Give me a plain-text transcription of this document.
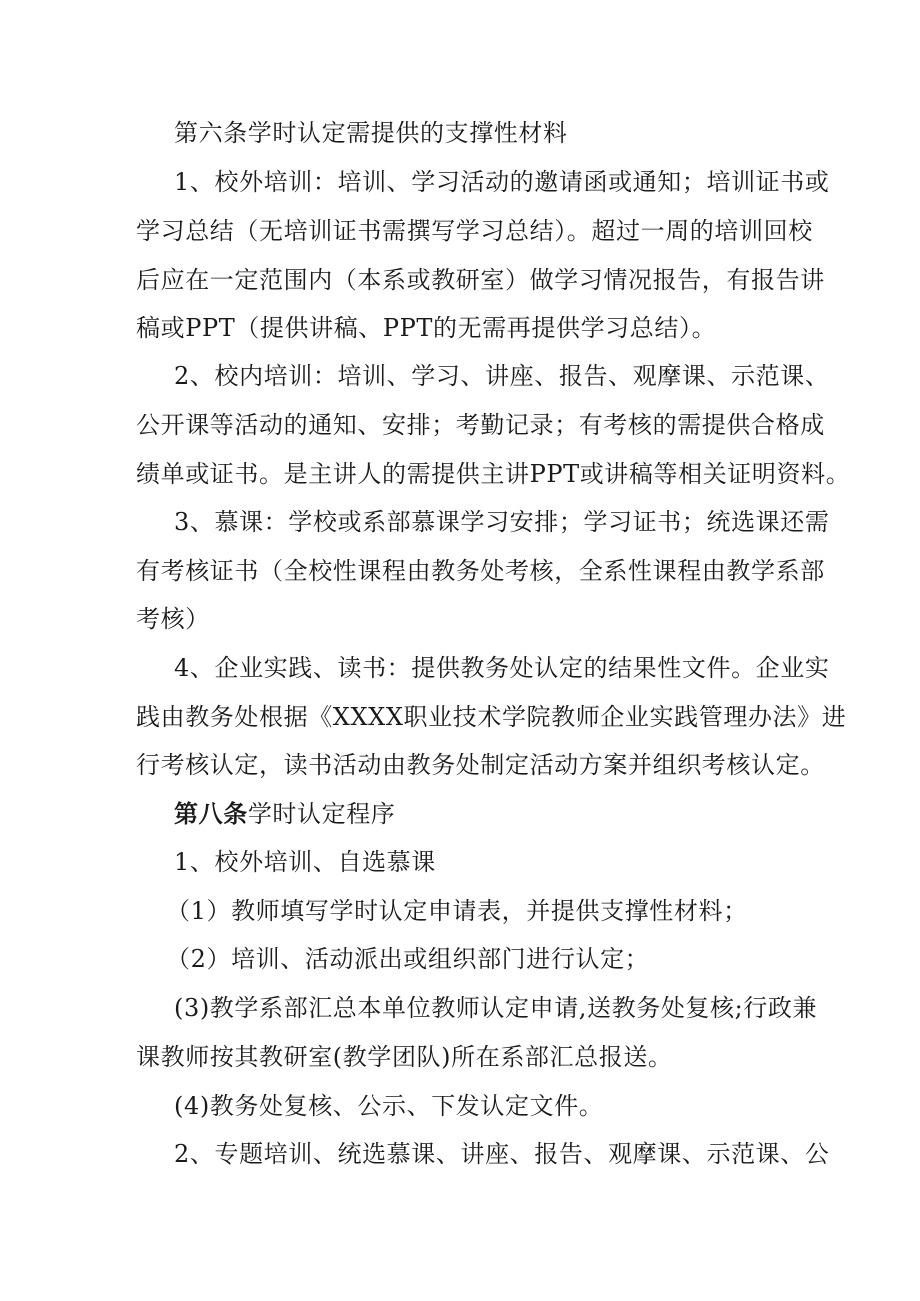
第六条学时认定需提供的支撑性材料
1、校外培训：培训、学习活动的邀请函或通知；培训证书或
学习总结（无培训证书需撰写学习总结）。超过一周的培训回校
后应在一定范围内（本系或教研室）做学习情况报告，有报告讲
稿或PPT（提供讲稿、PPT的无需再提供学习总结）。
2、校内培训：培训、学习、讲座、报告、观摩课、示范课、
公开课等活动的通知、安排；考勤记录；有考核的需提供合格成
绩单或证书。是主讲人的需提供主讲PPT或讲稿等相关证明资料。
3、慕课：学校或系部慕课学习安排；学习证书；统选课还需
有考核证书（全校性课程由教务处考核，全系性课程由教学系部
考核）
4、企业实践、读书：提供教务处认定的结果性文件。企业实
践由教务处根据《XXXX职业技术学院教师企业实践管理办法》进
行考核认定，读书活动由教务处制定活动方案并组织考核认定。
第八条学时认定程序
1、校外培训、自选慕课
（1）教师填写学时认定申请表，并提供支撑性材料；
（2）培训、活动派出或组织部门进行认定；
(3)教学系部汇总本单位教师认定申请,送教务处复核;行政兼
课教师按其教研室(教学团队)所在系部汇总报送。
(4)教务处复核、公示、下发认定文件。
2、专题培训、统选慕课、讲座、报告、观摩课、示范课、公
